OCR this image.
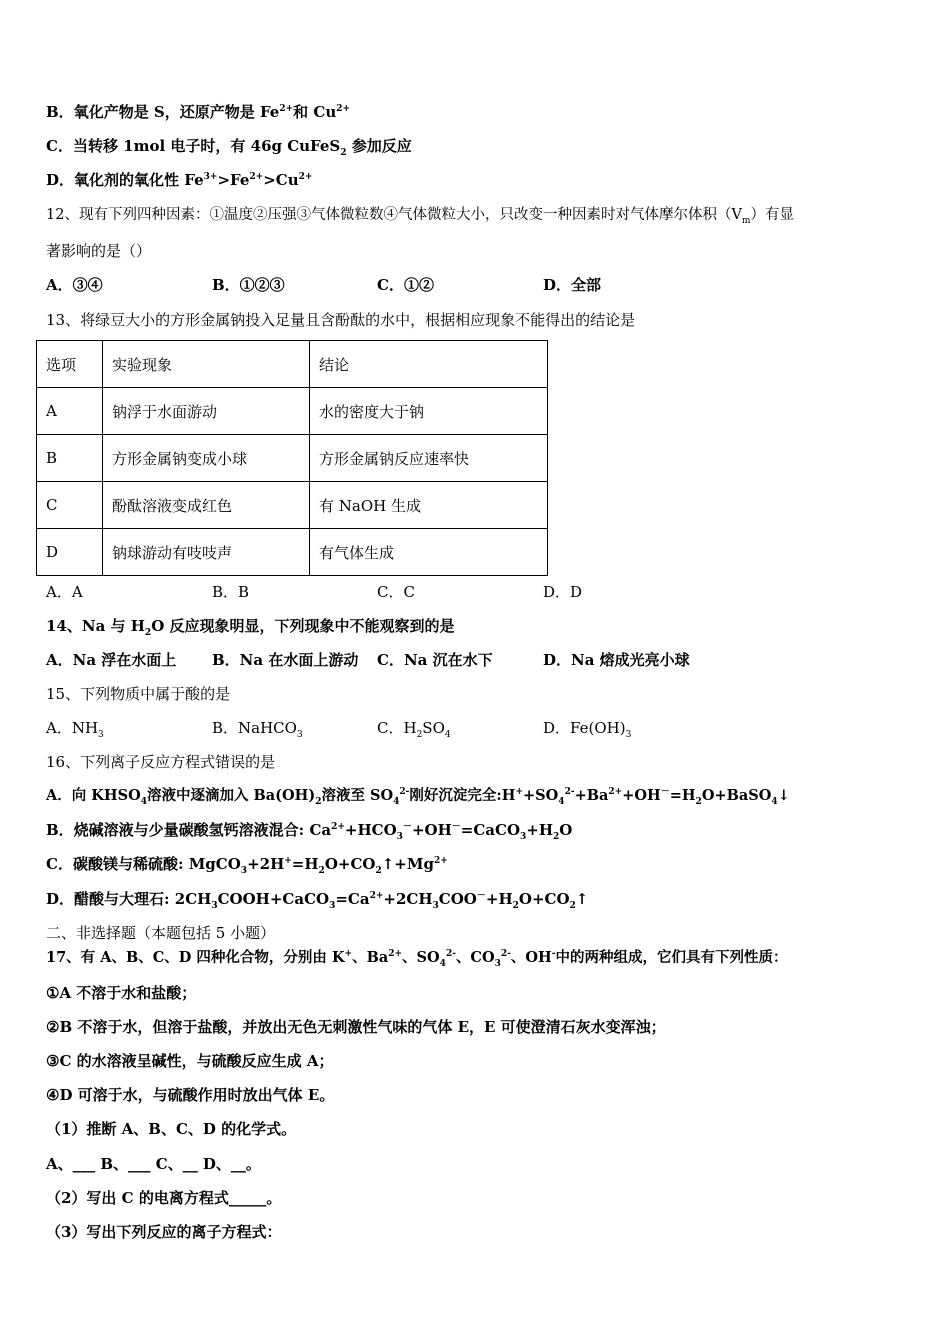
B．氧化产物是 S，还原产物是 $Fe^{2+}$和 $Cu^{2+}$
C．当转移 1mol 电子时，有 46g CuFeS$_2$ 参加反应
D．氧化剂的氧化性 $Fe^{3+}>Fe^{2+}>Cu^{2+}$
12、现有下列四种因素：①温度②压强③气体微粒数④气体微粒大小，只改变一种因素时对气体摩尔体积$(V_m)$有显
著影响的是（）
A．③④	B．①②③	C．①②	D．全部
13、将绿豆大小的方形金属钠投入足量且含酚酞的水中，根据相应现象不能得出的结论是
选项	实验现象	结论
A	钠浮于水面游动	水的密度大于钠
B	方形金属钠变成小球	方形金属钠反应速率快
C	酚酞溶液变成红色	有 NaOH 生成
D	钠球游动有吱吱声	有气体生成
A．A	B．B	C．C	D．D
14、Na 与 $H_2O$ 反应现象明显，下列现象中不能观察到的是
A．Na 浮在水面上 B．Na 在水面上游动 C．Na 沉在水下	D．Na 熔成光亮小球
15、下列物质中属于酸的是
A．$NH_3$	B．NaHCO$_3$	C．$H_2SO_4$	D．$Fe(OH)_3$
16、下列离子反应方程式错误的是
A．向 $KHSO_4$溶液中逐滴加入 $Ba(OH)_2$溶液至 $SO_4^{2-}$刚好沉淀完全$:H^++SO_4^{2-}+Ba^{2+}+OH^-=H_2O+BaSO_4↓$
B．烧碱溶液与少量碳酸氢钙溶液混合: $Ca^{2+}+HCO_3^-+OH^-=CaCO_3+H_2O$
C．碳酸镁与稀硫酸: $MgCO_3+2H^+=H_2O+CO_2↑+Mg^{2+}$
D．醋酸与大理石: $2CH_3COOH+CaCO_3=Ca^{2+}+2CH_3COO^-+H_2O+CO_2↑$
二、非选择题（本题包括 5 小题）
17、有 A、B、C、D 四种化合物，分别由 K+、$Ba^{2+}$、$SO_4^{2-}$、$CO_3^{2-}$、OH-中的两种组成，它们具有下列性质：
①A 不溶于水和盐酸；
②B 不溶于水，但溶于盐酸，并放出无色无刺激性气味的气体 E，E 可使澄清石灰水变浑浊；
③C 的水溶液呈碱性，与硫酸反应生成 A；
④D 可溶于水，与硫酸作用时放出气体 E。
（1）推断 A、B、C、D 的化学式。
A、___ B、___ C、__ D、__。
（2）写出 C 的电离方程式_____。
（3）写出下列反应的离子方程式：
